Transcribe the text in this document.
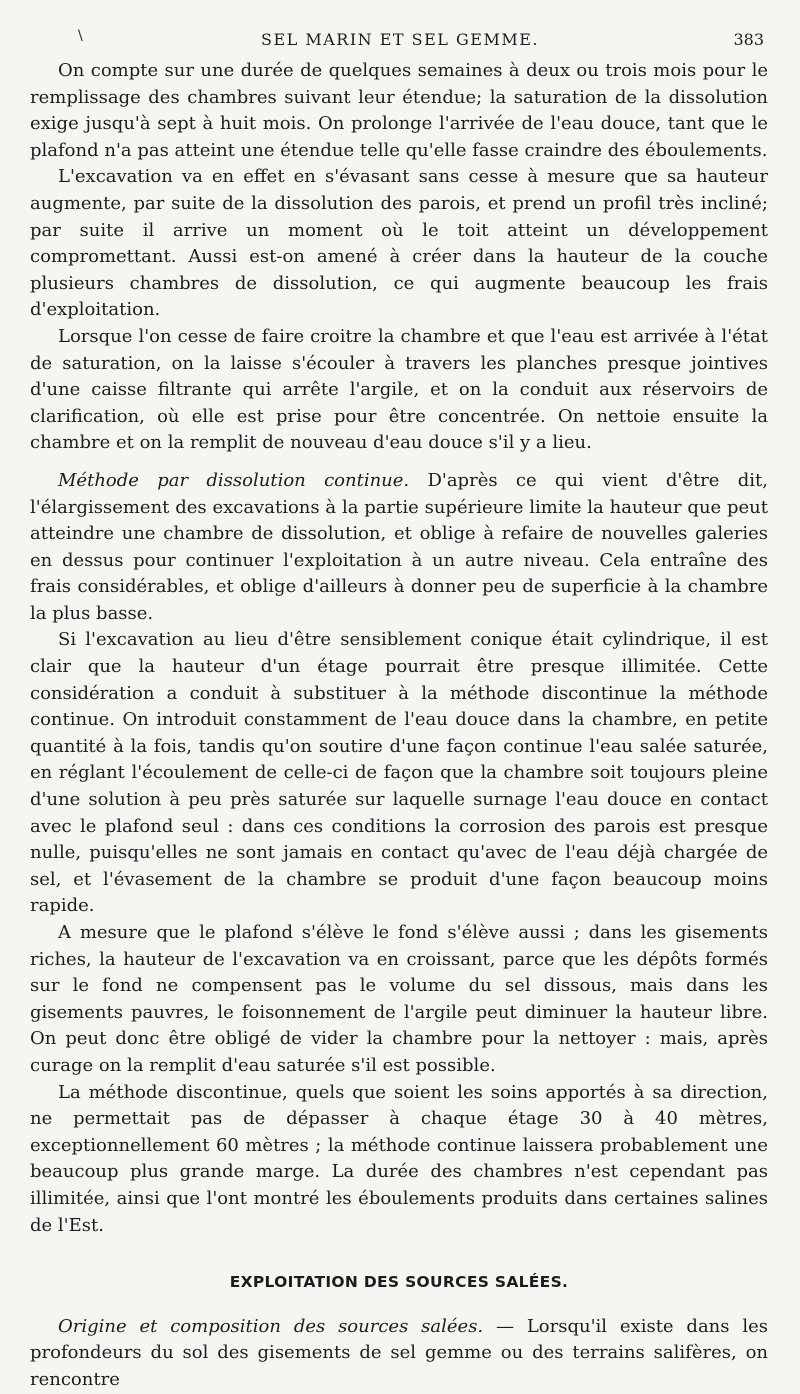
\	SEL MARIN ET SEL GEMME.	383

On compte sur une durée de quelques semaines à deux ou trois mois pour le remplissage des chambres suivant leur étendue; la saturation de la dissolution exige jusqu'à sept à huit mois. On prolonge l'arrivée de l'eau douce, tant que le plafond n'a pas atteint une étendue telle qu'elle fasse craindre des éboulements.

L'excavation va en effet en s'évasant sans cesse à mesure que sa hauteur augmente, par suite de la dissolution des parois, et prend un profil très incliné; par suite il arrive un moment où le toit atteint un développement compromettant. Aussi est-on amené à créer dans la hauteur de la couche plusieurs chambres de dissolution, ce qui augmente beaucoup les frais d'exploitation.

Lorsque l'on cesse de faire croitre la chambre et que l'eau est arrivée à l'état de saturation, on la laisse s'écouler à travers les planches presque jointives d'une caisse filtrante qui arrête l'argile, et on la conduit aux réservoirs de clarification, où elle est prise pour être concentrée. On nettoie ensuite la chambre et on la remplit de nouveau d'eau douce s'il y a lieu.

Méthode par dissolution continue. D'après ce qui vient d'être dit, l'élargissement des excavations à la partie supérieure limite la hauteur que peut atteindre une chambre de dissolution, et oblige à refaire de nouvelles galeries en dessus pour continuer l'exploitation à un autre niveau. Cela entraîne des frais considérables, et oblige d'ailleurs à donner peu de superficie à la chambre la plus basse.

Si l'excavation au lieu d'être sensiblement conique était cylindrique, il est clair que la hauteur d'un étage pourrait être presque illimitée. Cette considération a conduit à substituer à la méthode discontinue la méthode continue. On introduit constamment de l'eau douce dans la chambre, en petite quantité à la fois, tandis qu'on soutire d'une façon continue l'eau salée saturée, en réglant l'écoulement de celle-ci de façon que la chambre soit toujours pleine d'une solution à peu près saturée sur laquelle surnage l'eau douce en contact avec le plafond seul : dans ces conditions la corrosion des parois est presque nulle, puisqu'elles ne sont jamais en contact qu'avec de l'eau déjà chargée de sel, et l'évasement de la chambre se produit d'une façon beaucoup moins rapide.

A mesure que le plafond s'élève le fond s'élève aussi ; dans les gisements riches, la hauteur de l'excavation va en croissant, parce que les dépôts formés sur le fond ne compensent pas le volume du sel dissous, mais dans les gisements pauvres, le foisonnement de l'argile peut diminuer la hauteur libre. On peut donc être obligé de vider la chambre pour la nettoyer : mais, après curage on la remplit d'eau saturée s'il est possible.

La méthode discontinue, quels que soient les soins apportés à sa direction, ne permettait pas de dépasser à chaque étage 30 à 40 mètres, exceptionnellement 60 mètres ; la méthode continue laissera probablement une beaucoup plus grande marge. La durée des chambres n'est cependant pas illimitée, ainsi que l'ont montré les éboulements produits dans certaines salines de l'Est.

EXPLOITATION DES SOURCES SALÉES.

Origine et composition des sources salées. — Lorsqu'il existe dans les profondeurs du sol des gisements de sel gemme ou des terrains salifères, on rencontre
